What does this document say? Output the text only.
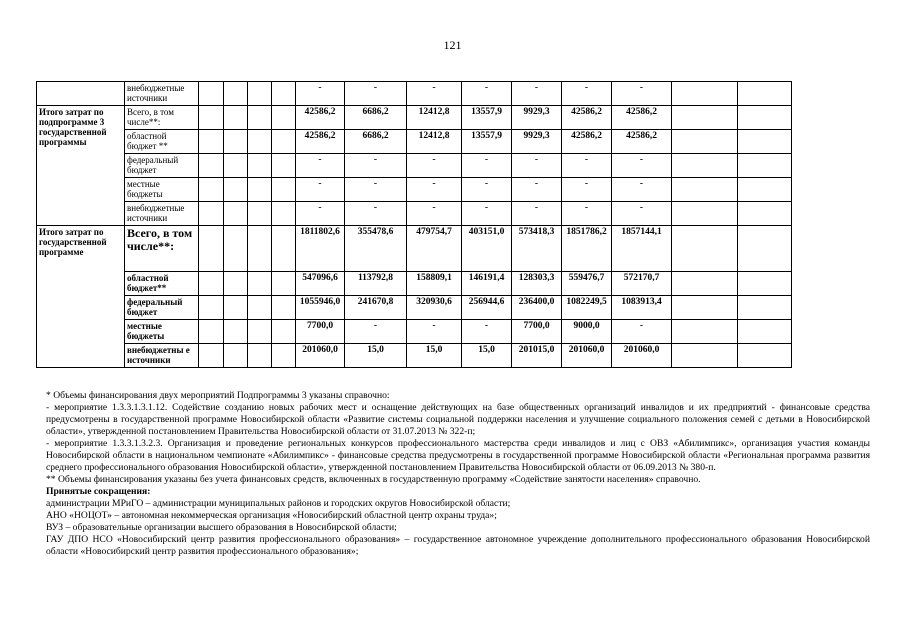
121
	внебюджетные источники					-	-	-	-	-	-	-		
Итого затрат по подпрограмме 3 государственной программы	Всего, в том числе**:					42586,2	6686,2	12412,8	13557,9	9929,3	42586,2	42586,2		
	областной бюджет **					42586,2	6686,2	12412,8	13557,9	9929,3	42586,2	42586,2		
	федеральный бюджет					-	-	-	-	-	-	-		
	местные бюджеты					-	-	-	-	-	-	-		
	внебюджетные источники					-	-	-	-	-	-	-		
Итого затрат по государственной программе	Всего, в том числе**:					1811802,6	355478,6	479754,7	403151,0	573418,3	1851786,2	1857144,1		
	областной бюджет**					547096,6	113792,8	158809,1	146191,4	128303,3	559476,7	572170,7		
	федеральный бюджет					1055946,0	241670,8	320930,6	256944,6	236400,0	1082249,5	1083913,4		
	местные бюджеты					7700,0	-	-	-	7700,0	9000,0	-		
	внебюджетны е источники					201060,0	15,0	15,0	15,0	201015,0	201060,0	201060,0		

* Объемы финансирования двух мероприятий Подпрограммы 3 указаны справочно:

- мероприятие 1.3.3.1.3.1.12. Содействие созданию новых рабочих мест и оснащение действующих на базе общественных организаций инвалидов и их предприятий - финансовые средства предусмотрены в государственной программе Новосибирской области «Развитие системы социальной поддержки населения и улучшение социального положения семей с детьми в Новосибирской области», утвержденной постановлением Правительства Новосибирской области от 31.07.2013 № 322-п;

- мероприятие 1.3.3.1.3.2.3. Организация и проведение региональных конкурсов профессионального мастерства среди инвалидов и лиц с ОВЗ «Абилимпикс», организация участия команды Новосибирской области в национальном чемпионате «Абилимпикс» - финансовые средства предусмотрены в государственной программе Новосибирской области «Региональная программа развития среднего профессионального образования Новосибирской области», утвержденной постановлением Правительства Новосибирской области от 06.09.2013 № 380-п.

** Объемы финансирования указаны без учета финансовых средств, включенных в государственную программу «Содействие занятости населения» справочно.

Принятые сокращения:

администрации МРиГО – администрации муниципальных районов и городских округов Новосибирской области;

АНО «НОЦОТ» – автономная некоммерческая организация «Новосибирский областной центр охраны труда»;

ВУЗ – образовательные организации высшего образования в Новосибирской области;

ГАУ ДПО НСО «Новосибирский центр развития профессионального образования» – государственное автономное учреждение дополнительного профессионального образования Новосибирской области «Новосибирский центр развития профессионального образования»;
